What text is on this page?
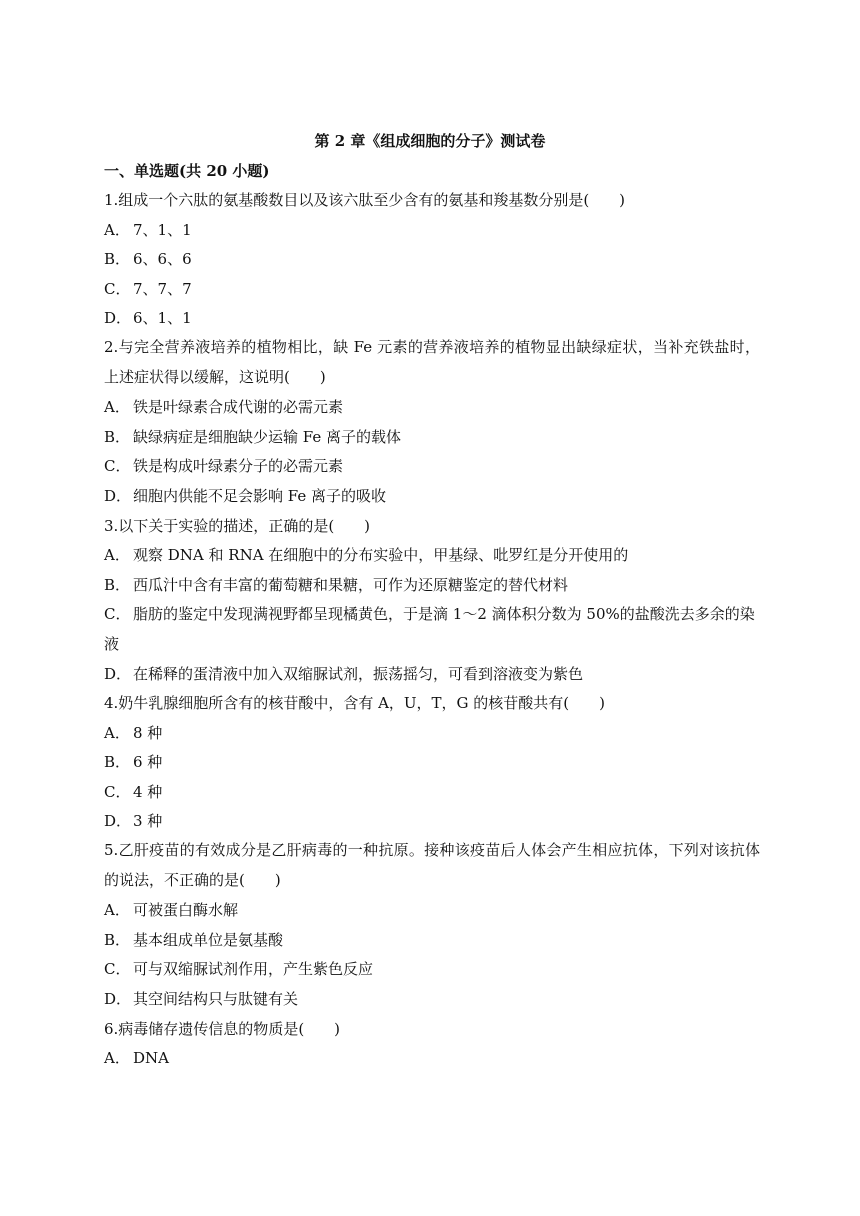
第 2 章《组成细胞的分子》测试卷
一、单选题(共 20 小题)
1.组成一个六肽的氨基酸数目以及该六肽至少含有的氨基和羧基数分别是(　　)
A． 7、1、1
B． 6、6、6
C． 7、7、7
D． 6、1、1
2.与完全营养液培养的植物相比，缺 Fe 元素的营养液培养的植物显出缺绿症状，当补充铁盐时，上述症状得以缓解，这说明(　　)
A． 铁是叶绿素合成代谢的必需元素
B． 缺绿病症是细胞缺少运输 Fe 离子的载体
C． 铁是构成叶绿素分子的必需元素
D． 细胞内供能不足会影响 Fe 离子的吸收
3.以下关于实验的描述，正确的是(　　)
A． 观察 DNA 和 RNA 在细胞中的分布实验中，甲基绿、吡罗红是分开使用的
B． 西瓜汁中含有丰富的葡萄糖和果糖，可作为还原糖鉴定的替代材料
C． 脂肪的鉴定中发现满视野都呈现橘黄色，于是滴 1～2 滴体积分数为 50%的盐酸洗去多余的染
液
D． 在稀释的蛋清液中加入双缩脲试剂，振荡摇匀，可看到溶液变为紫色
4.奶牛乳腺细胞所含有的核苷酸中，含有 A，U，T，G 的核苷酸共有(　　)
A． 8 种
B． 6 种
C． 4 种
D． 3 种
5.乙肝疫苗的有效成分是乙肝病毒的一种抗原。接种该疫苗后人体会产生相应抗体，下列对该抗体的说法，不正确的是(　　)
A． 可被蛋白酶水解
B． 基本组成单位是氨基酸
C． 可与双缩脲试剂作用，产生紫色反应
D． 其空间结构只与肽键有关
6.病毒储存遗传信息的物质是(　　)
A． DNA
